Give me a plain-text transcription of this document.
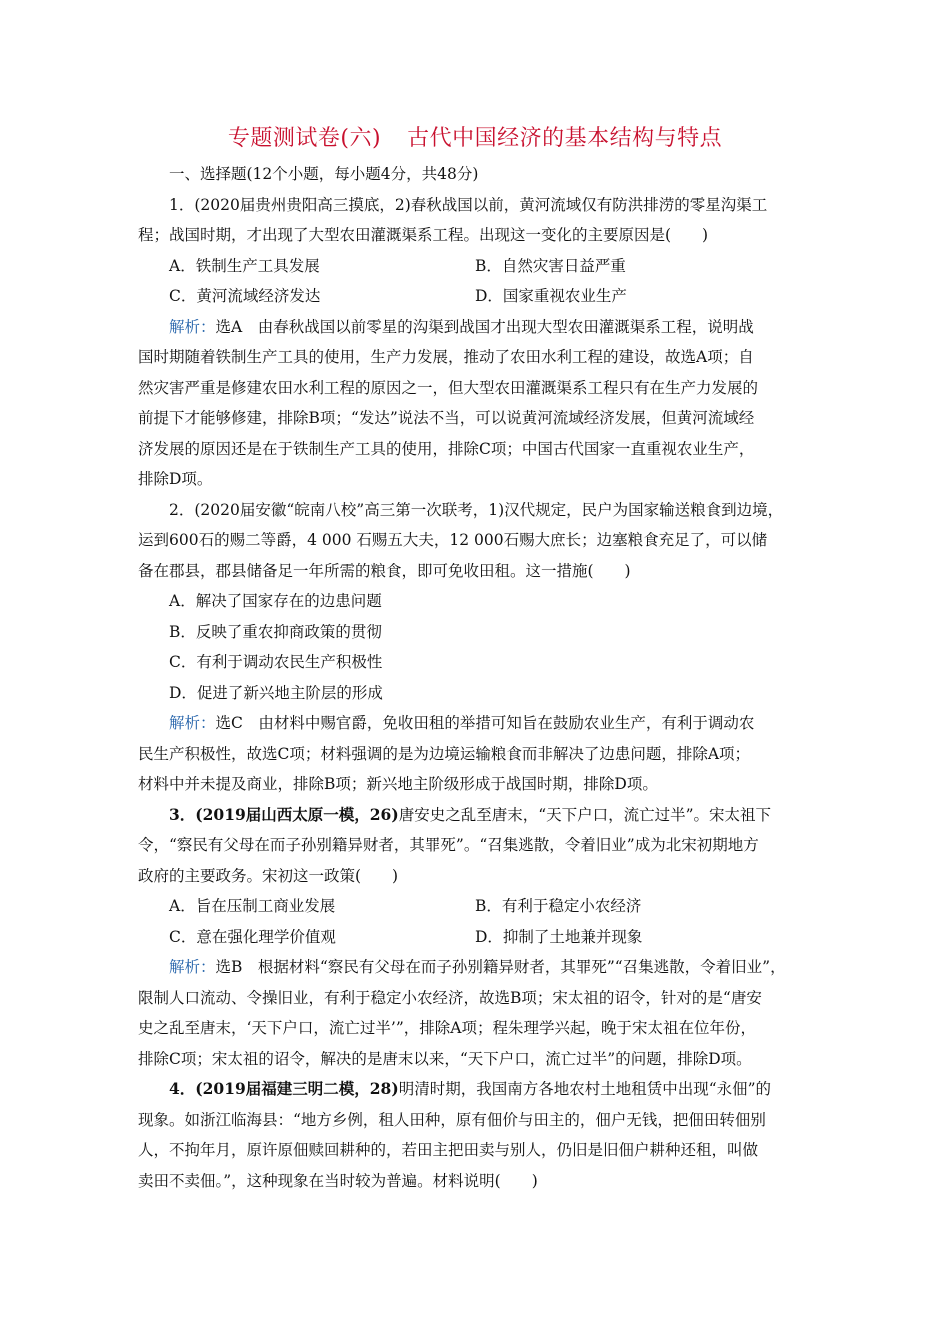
专题测试卷(六) 古代中国经济的基本结构与特点
一、选择题(12个小题，每小题4分，共48分)
1．(2020届贵州贵阳高三摸底，2)春秋战国以前，黄河流域仅有防洪排涝的零星沟渠工
程；战国时期，才出现了大型农田灌溉渠系工程。出现这一变化的主要原因是(　　)
A．铁制生产工具发展	B．自然灾害日益严重
C．黄河流域经济发达	D．国家重视农业生产
解析：选A　由春秋战国以前零星的沟渠到战国才出现大型农田灌溉渠系工程，说明战
国时期随着铁制生产工具的使用，生产力发展，推动了农田水利工程的建设，故选A项；自
然灾害严重是修建农田水利工程的原因之一，但大型农田灌溉渠系工程只有在生产力发展的
前提下才能够修建，排除B项；“发达”说法不当，可以说黄河流域经济发展，但黄河流域经
济发展的原因还是在于铁制生产工具的使用，排除C项；中国古代国家一直重视农业生产，
排除D项。
2．(2020届安徽“皖南八校”高三第一次联考，1)汉代规定，民户为国家输送粮食到边境，
运到600石的赐二等爵，4 000 石赐五大夫，12 000石赐大庶长；边塞粮食充足了，可以储
备在郡县，郡县储备足一年所需的粮食，即可免收田租。这一措施(　　)
A．解决了国家存在的边患问题
B．反映了重农抑商政策的贯彻
C．有利于调动农民生产积极性
D．促进了新兴地主阶层的形成
解析：选C　由材料中赐官爵，免收田租的举措可知旨在鼓励农业生产，有利于调动农
民生产积极性，故选C项；材料强调的是为边境运输粮食而非解决了边患问题，排除A项；
材料中并未提及商业，排除B项；新兴地主阶级形成于战国时期，排除D项。
3．(2019届山西太原一模，26)唐安史之乱至唐末，“天下户口，流亡过半”。宋太祖下
令，“察民有父母在而子孙别籍异财者，其罪死”。“召集逃散，令着旧业”成为北宋初期地方
政府的主要政务。宋初这一政策(　　)
A．旨在压制工商业发展	B．有利于稳定小农经济
C．意在强化理学价值观	D．抑制了土地兼并现象
解析：选B　根据材料“察民有父母在而子孙别籍异财者，其罪死”“召集逃散，令着旧业”，
限制人口流动、令操旧业，有利于稳定小农经济，故选B项；宋太祖的诏令，针对的是“唐安
史之乱至唐末，‘天下户口，流亡过半’”，排除A项；程朱理学兴起，晚于宋太祖在位年份，
排除C项；宋太祖的诏令，解决的是唐末以来，“天下户口，流亡过半”的问题，排除D项。
4．(2019届福建三明二模，28)明清时期，我国南方各地农村土地租赁中出现“永佃”的
现象。如浙江临海县：“地方乡例，租人田种，原有佃价与田主的，佃户无钱，把佃田转佃别
人，不拘年月，原许原佃赎回耕种的，若田主把田卖与别人，仍旧是旧佃户耕种还租，叫做
卖田不卖佃。”，这种现象在当时较为普遍。材料说明(　　)
